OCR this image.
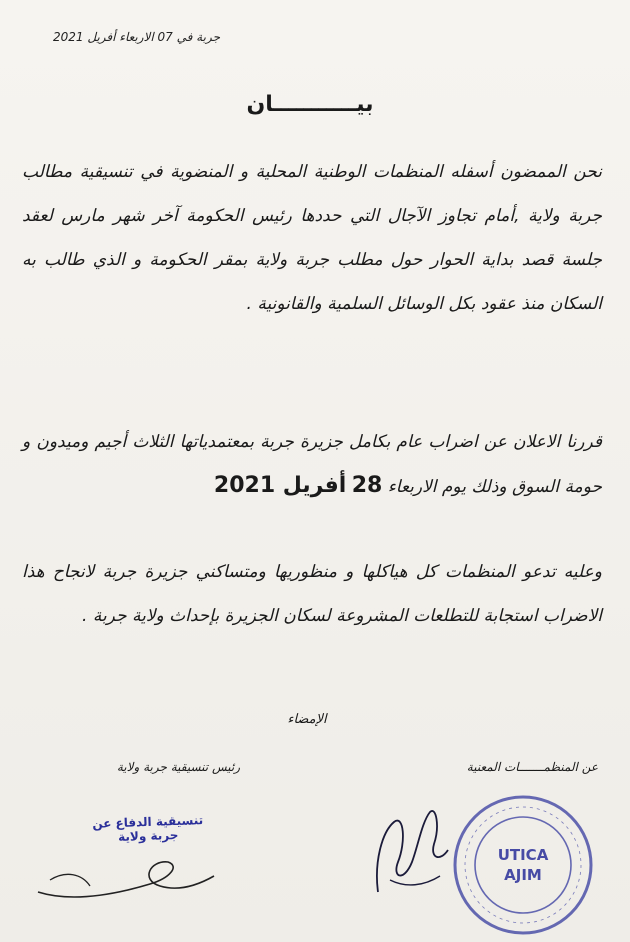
جربة في 07 الاربعاء أفريل 2021
بيـــــــــــان
نحن الممضون أسفله المنظمات الوطنية المحلية و المنضوية في تنسيقية مطالب جربة ولاية ,أمام تجاوز الآجال التي حددها رئيس الحكومة آخر شهر مارس لعقد جلسة قصد بداية الحوار حول مطلب جربة ولاية بمقر الحكومة و الذي طالب به السكان منذ عقود بكل الوسائل السلمية والقانونية .
قررنا الاعلان عن اضراب عام بكامل جزيرة جربة بمعتمدياتها الثلاث أجيم وميدون و حومة السوق وذلك يوم الاربعاء 28 أفريل 2021
وعليه تدعو المنظمات كل هياكلها و منظوريها ومتساكني جزيرة جربة لانجاح هذا الاضراب استجابة للتطلعات المشروعة لسكان الجزيرة بإحداث ولاية جربة .
الإمضاء
عن المنظمـــــــات المعنية
رئيس تنسيقية جربة ولاية
تنسيقية الدفاع عن جربة ولاية
UTICA
AJIM
